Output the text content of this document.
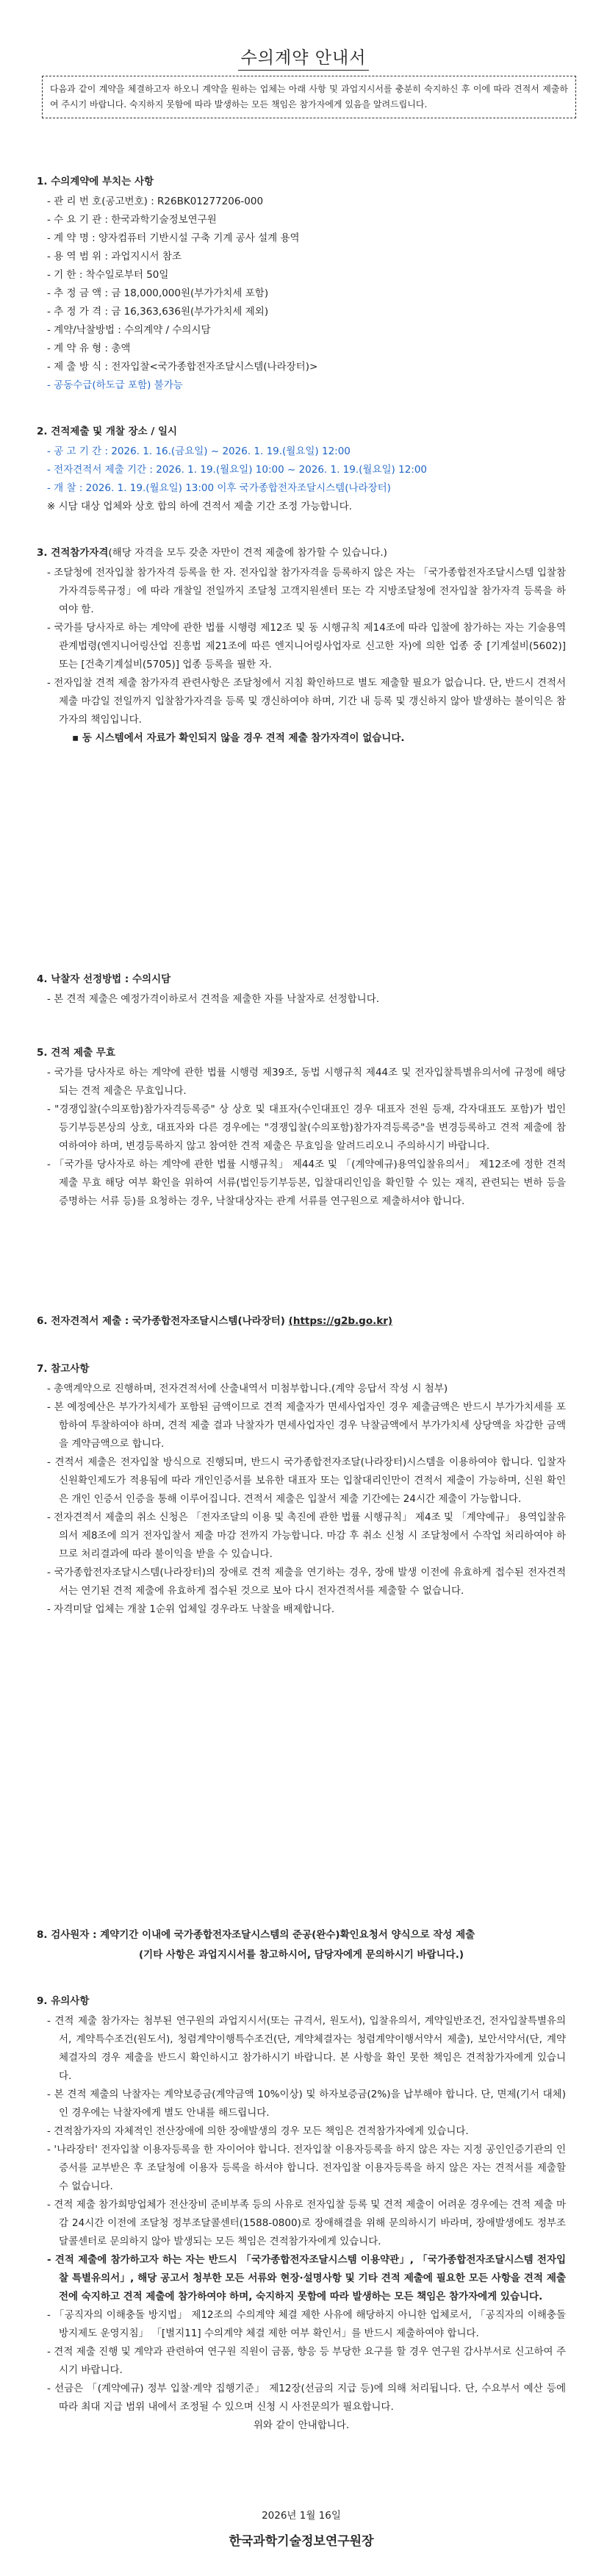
수의계약 안내서
다음과 같이 계약을 체결하고자 하오니 계약을 원하는 업체는 아래 사항 및 과업지시서를 충분히 숙지하신 후 이에 따라 견적서 제출하여 주시기 바랍니다. 숙지하지 못함에 따라 발생하는 모든 책임은 참가자에게 있음을 알려드립니다.
1. 수의계약에 부치는 사항
- 관 리 번 호(공고번호) : R26BK01277206-000
- 수 요 기 관 : 한국과학기술정보연구원
- 계 약 명 : 양자컴퓨터 기반시설 구축 기계 공사 설계 용역
- 용 역 범 위 : 과업지시서 참조
- 기 한 : 착수일로부터 50일
- 추 정 금 액 : 금 18,000,000원(부가가치세 포함)
- 추 정 가 격 : 금 16,363,636원(부가가치세 제외)
- 계약/낙찰방법 : 수의계약 / 수의시담
- 계 약 유 형 : 총액
- 제 출 방 식 : 전자입찰<국가종합전자조달시스템(나라장터)>
- 공동수급(하도급 포함) 불가능
2. 견적제출 및 개찰 장소 / 일시
- 공 고 기 간 : 2026. 1. 16.(금요일) ~ 2026. 1. 19.(월요일) 12:00
- 전자견적서 제출 기간 : 2026. 1. 19.(월요일) 10:00 ~ 2026. 1. 19.(월요일) 12:00
- 개 찰 : 2026. 1. 19.(월요일) 13:00 이후 국가종합전자조달시스템(나라장터)
※ 시담 대상 업체와 상호 합의 하에 견적서 제출 기간 조정 가능합니다.
3. 견적참가자격(해당 자격을 모두 갖춘 자만이 견적 제출에 참가할 수 있습니다.)
- 조달청에 전자입찰 참가자격 등록을 한 자. 전자입찰 참가자격을 등록하지 않은 자는 「국가종합전자조달시스템 입찰참가자격등록규정」에 따라 개찰일 전일까지 조달청 고객지원센터 또는 각 지방조달청에 전자입찰 참가자격 등록을 하여야 함.
- 국가를 당사자로 하는 계약에 관한 법률 시행령 제12조 및 동 시행규칙 제14조에 따라 입찰에 참가하는 자는 기술용역관계법령(엔지니어링산업 진흥법 제21조에 따른 엔지니어링사업자로 신고한 자)에 의한 업종 중 [기계설비(5602)] 또는 [건축기계설비(5705)] 업종 등록을 필한 자.
- 전자입찰 견적 제출 참가자격 관련사항은 조달청에서 지침 확인하므로 별도 제출할 필요가 없습니다. 단, 반드시 견적서 제출 마감일 전일까지 입찰참가자격을 등록 및 갱신하여야 하며, 기간 내 등록 및 갱신하지 않아 발생하는 불이익은 참가자의 책임입니다.
▪ 동 시스템에서 자료가 확인되지 않을 경우 견적 제출 참가자격이 없습니다.
4. 낙찰자 선정방법 : 수의시담
- 본 견적 제출은 예정가격이하로서 견적을 제출한 자를 낙찰자로 선정합니다.
5. 견적 제출 무효
- 국가를 당사자로 하는 계약에 관한 법률 시행령 제39조, 동법 시행규칙 제44조 및 전자입찰특별유의서에 규정에 해당되는 견적 제출은 무효입니다.
- "경쟁입찰(수의포함)참가자격등록증" 상 상호 및 대표자(수인대표인 경우 대표자 전원 등재, 각자대표도 포함)가 법인등기부등본상의 상호, 대표자와 다른 경우에는 "경쟁입찰(수의포함)참가자격등록증"을 변경등록하고 견적 제출에 참여하여야 하며, 변경등록하지 않고 참여한 견적 제출은 무효임을 알려드리오니 주의하시기 바랍니다.
- 「국가를 당사자로 하는 계약에 관한 법률 시행규칙」 제44조 및 「(계약예규)용역입찰유의서」 제12조에 정한 견적 제출 무효 해당 여부 확인을 위하여 서류(법인등기부등본, 입찰대리인임을 확인할 수 있는 재직, 관련되는 변하 등을 증명하는 서류 등)를 요청하는 경우, 낙찰대상자는 관계 서류를 연구원으로 제출하셔야 합니다.
6. 전자견적서 제출 : 국가종합전자조달시스템(나라장터) (https://g2b.go.kr)
7. 참고사항
- 총액계약으로 진행하며, 전자견적서에 산출내역서 미첨부합니다.(계약 응답서 작성 시 첨부)
- 본 예정예산은 부가가치세가 포함된 금액이므로 견적 제출자가 면세사업자인 경우 제출금액은 반드시 부가가치세를 포함하여 투찰하여야 하며, 견적 제출 결과 낙찰자가 면세사업자인 경우 낙찰금액에서 부가가치세 상당액을 차감한 금액을 계약금액으로 합니다.
- 견적서 제출은 전자입찰 방식으로 진행되며, 반드시 국가종합전자조달(나라장터)시스템을 이용하여야 합니다. 입찰자 신원확인제도가 적용됨에 따라 개인인증서를 보유한 대표자 또는 입찰대리인만이 견적서 제출이 가능하며, 신원 확인은 개인 인증서 인증을 통해 이루어집니다. 견적서 제출은 입찰서 제출 기간에는 24시간 제출이 가능합니다.
- 전자견적서 제출의 취소 신청은 「전자조달의 이용 및 촉진에 관한 법률 시행규칙」 제4조 및 「계약예규」 용역입찰유의서 제8조에 의거 전자입찰서 제출 마감 전까지 가능합니다. 마감 후 취소 신청 시 조달청에서 수작업 처리하여야 하므로 처리결과에 따라 불이익을 받을 수 있습니다.
- 국가종합전자조달시스템(나라장터)의 장애로 견적 제출을 연기하는 경우, 장애 발생 이전에 유효하게 접수된 전자견적서는 연기된 견적 제출에 유효하게 접수된 것으로 보아 다시 전자견적서를 제출할 수 없습니다.
- 자격미달 업체는 개찰 1순위 업체일 경우라도 낙찰을 배제합니다.
8. 검사원자 : 계약기간 이내에 국가종합전자조달시스템의 준공(완수)확인요청서 양식으로 작성 제출
(기타 사항은 과업지시서를 참고하시어, 담당자에게 문의하시기 바랍니다.)
9. 유의사항
- 견적 제출 참가자는 첨부된 연구원의 과업지시서(또는 규격서, 원도서), 입찰유의서, 계약일반조건, 전자입찰특별유의서, 계약특수조건(원도서), 청렴계약이행특수조건(단, 계약체결자는 청렴계약이행서약서 제출), 보안서약서(단, 계약체결자의 경우 제출을 반드시 확인하시고 참가하시기 바랍니다. 본 사항을 확인 못한 책임은 견적참가자에게 있습니다.
- 본 견적 제출의 낙찰자는 계약보증금(계약금액 10%이상) 및 하자보증금(2%)을 납부해야 합니다. 단, 면제(기서 대체)인 경우에는 낙찰자에게 별도 안내를 해드립니다.
- 견적참가자의 자체적인 전산장애에 의한 장애발생의 경우 모든 책임은 견적참가자에게 있습니다.
- '나라장터' 전자입찰 이용자등록을 한 자이어야 합니다. 전자입찰 이용자등록을 하지 않은 자는 지정 공인인증기관의 인증서를 교부받은 후 조달청에 이용자 등록을 하셔야 합니다. 전자입찰 이용자등록을 하지 않은 자는 견적서를 제출할 수 없습니다.
- 견적 제출 참가희망업체가 전산장비 준비부족 등의 사유로 전자입찰 등록 및 견적 제출이 어려운 경우에는 견적 제출 마감 24시간 이전에 조달청 정부조달콜센터(1588-0800)로 장애해결을 위해 문의하시기 바라며, 장애발생에도 정부조달콜센터로 문의하지 않아 발생되는 모든 책임은 견적참가자에게 있습니다.
- 견적 제출에 참가하고자 하는 자는 반드시 「국가종합전자조달시스템 이용약관」, 「국가종합전자조달시스템 전자입찰 특별유의서」, 해당 공고서 청부한 모든 서류와 현장·설명사항 및 기타 견적 제출에 필요한 모든 사항을 견적 제출 전에 숙지하고 견적 제출에 참가하여야 하며, 숙지하지 못함에 따라 발생하는 모든 책임은 참가자에게 있습니다.
- 「공직자의 이해충돌 방지법」 제12조의 수의계약 체결 제한 사유에 해당하지 아니한 업체로서, 「공직자의 이해충돌 방지제도 운영지침」 「[별지11] 수의계약 체결 제한 여부 확인서」를 반드시 제출하여야 합니다.
- 견적 제출 진행 및 계약과 관련하여 연구원 직원이 금품, 향응 등 부당한 요구를 할 경우 연구원 감사부서로 신고하여 주시기 바랍니다.
- 선금은 「(계약예규) 정부 입찰·계약 집행기준」 제12장(선금의 지급 등)에 의해 처리됩니다. 단, 수요부서 예산 등에 따라 최대 지급 범위 내에서 조정될 수 있으며 신청 시 사전문의가 필요합니다.
위와 같이 안내합니다.
2026년 1월 16일
한국과학기술정보연구원장
